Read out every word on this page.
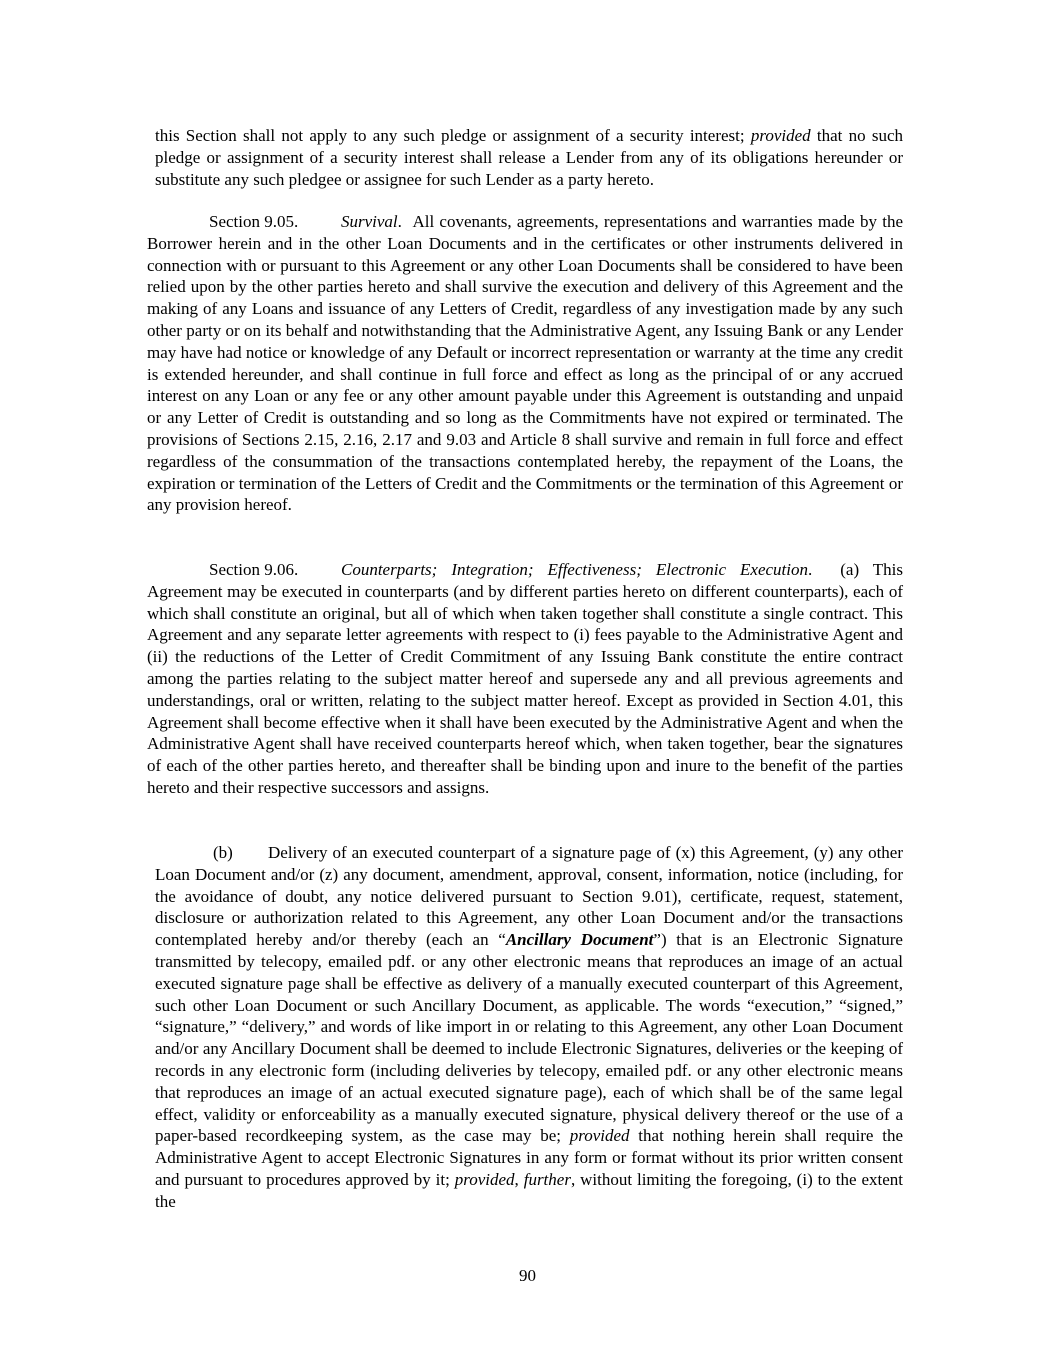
this Section shall not apply to any such pledge or assignment of a security interest; provided that no such pledge or assignment of a security interest shall release a Lender from any of its obligations hereunder or substitute any such pledgee or assignee for such Lender as a party hereto.

Section 9.05.	Survival. All covenants, agreements, representations and warranties made by the Borrower herein and in the other Loan Documents and in the certificates or other instruments delivered in connection with or pursuant to this Agreement or any other Loan Documents shall be considered to have been relied upon by the other parties hereto and shall survive the execution and delivery of this Agreement and the making of any Loans and issuance of any Letters of Credit, regardless of any investigation made by any such other party or on its behalf and notwithstanding that the Administrative Agent, any Issuing Bank or any Lender may have had notice or knowledge of any Default or incorrect representation or warranty at the time any credit is extended hereunder, and shall continue in full force and effect as long as the principal of or any accrued interest on any Loan or any fee or any other amount payable under this Agreement is outstanding and unpaid or any Letter of Credit is outstanding and so long as the Commitments have not expired or terminated. The provisions of Sections 2.15, 2.16, 2.17 and 9.03 and Article 8 shall survive and remain in full force and effect regardless of the consummation of the transactions contemplated hereby, the repayment of the Loans, the expiration or termination of the Letters of Credit and the Commitments or the termination of this Agreement or any provision hereof.

Section 9.06.	Counterparts; Integration; Effectiveness; Electronic Execution. (a) This Agreement may be executed in counterparts (and by different parties hereto on different counterparts), each of which shall constitute an original, but all of which when taken together shall constitute a single contract. This Agreement and any separate letter agreements with respect to (i) fees payable to the Administrative Agent and (ii) the reductions of the Letter of Credit Commitment of any Issuing Bank constitute the entire contract among the parties relating to the subject matter hereof and supersede any and all previous agreements and understandings, oral or written, relating to the subject matter hereof. Except as provided in Section 4.01, this Agreement shall become effective when it shall have been executed by the Administrative Agent and when the Administrative Agent shall have received counterparts hereof which, when taken together, bear the signatures of each of the other parties hereto, and thereafter shall be binding upon and inure to the benefit of the parties hereto and their respective successors and assigns.

(b) Delivery of an executed counterpart of a signature page of (x) this Agreement, (y) any other Loan Document and/or (z) any document, amendment, approval, consent, information, notice (including, for the avoidance of doubt, any notice delivered pursuant to Section 9.01), certificate, request, statement, disclosure or authorization related to this Agreement, any other Loan Document and/or the transactions contemplated hereby and/or thereby (each an “Ancillary Document”) that is an Electronic Signature transmitted by telecopy, emailed pdf. or any other electronic means that reproduces an image of an actual executed signature page shall be effective as delivery of a manually executed counterpart of this Agreement, such other Loan Document or such Ancillary Document, as applicable. The words “execution,” “signed,” “signature,” “delivery,” and words of like import in or relating to this Agreement, any other Loan Document and/or any Ancillary Document shall be deemed to include Electronic Signatures, deliveries or the keeping of records in any electronic form (including deliveries by telecopy, emailed pdf. or any other electronic means that reproduces an image of an actual executed signature page), each of which shall be of the same legal effect, validity or enforceability as a manually executed signature, physical delivery thereof or the use of a paper-based recordkeeping system, as the case may be; provided that nothing herein shall require the Administrative Agent to accept Electronic Signatures in any form or format without its prior written consent and pursuant to procedures approved by it; provided, further, without limiting the foregoing, (i) to the extent the

90
